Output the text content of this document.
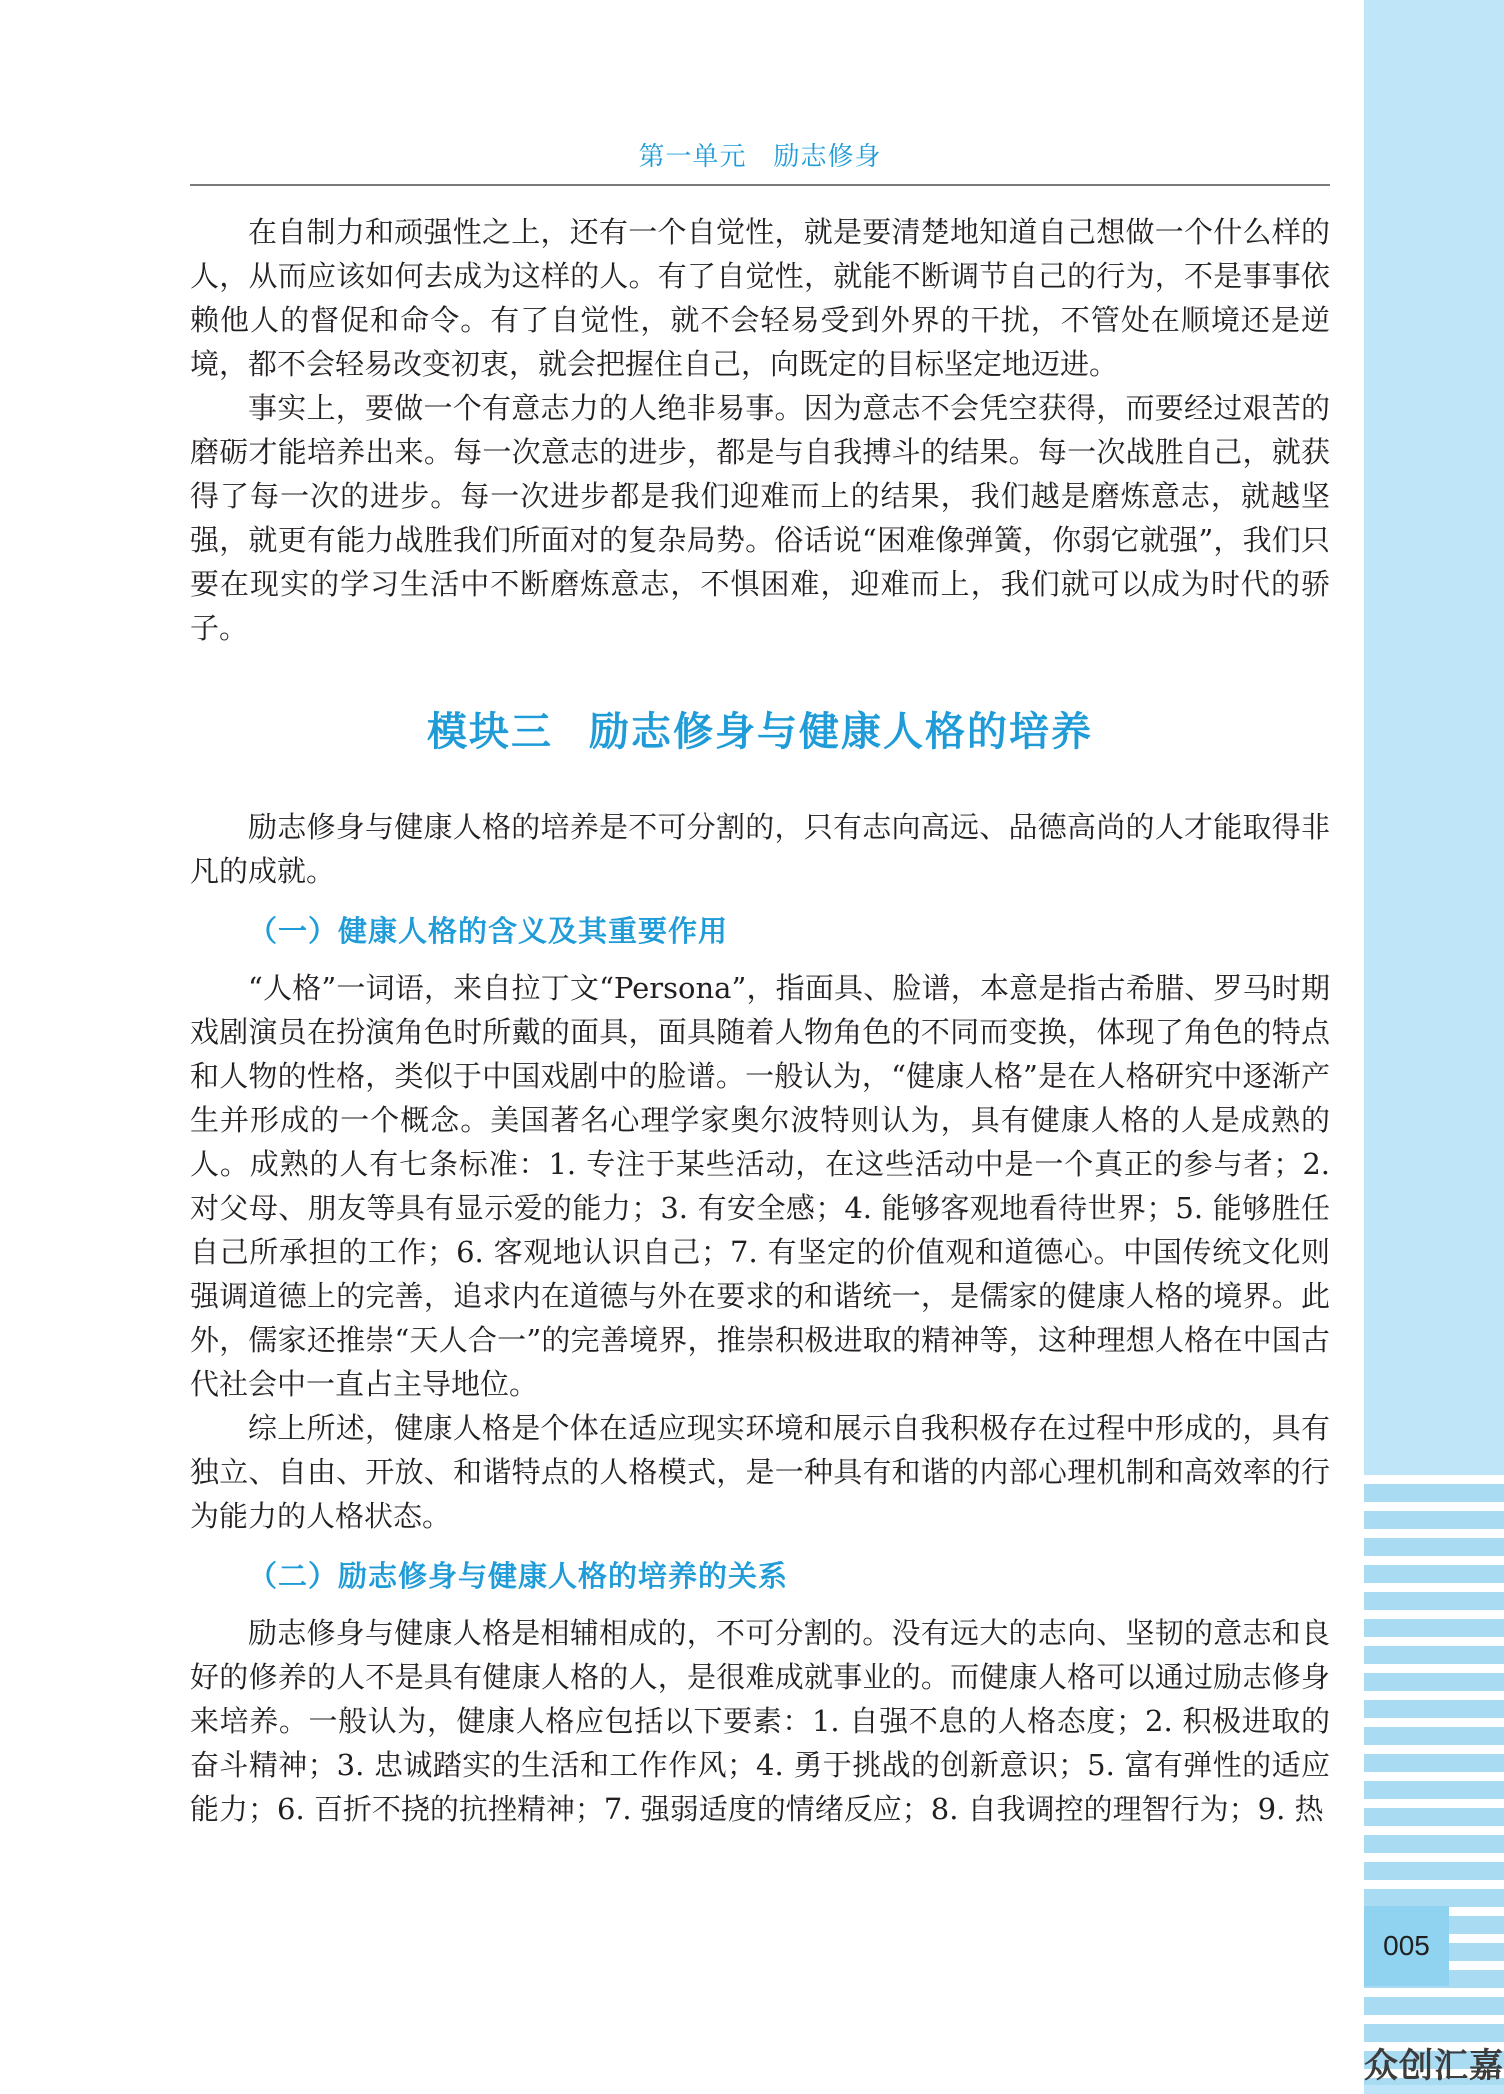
005
众创汇嘉
第一单元　励志修身

在自制力和顽强性之上，还有一个自觉性，就是要清楚地知道自己想做一个什么样的人，从而应该如何去成为这样的人。有了自觉性，就能不断调节自己的行为，不是事事依赖他人的督促和命令。有了自觉性，就不会轻易受到外界的干扰，不管处在顺境还是逆境，都不会轻易改变初衷，就会把握住自己，向既定的目标坚定地迈进。

事实上，要做一个有意志力的人绝非易事。因为意志不会凭空获得，而要经过艰苦的磨砺才能培养出来。每一次意志的进步，都是与自我搏斗的结果。每一次战胜自己，就获得了每一次的进步。每一次进步都是我们迎难而上的结果，我们越是磨炼意志，就越坚强，就更有能力战胜我们所面对的复杂局势。俗话说“困难像弹簧，你弱它就强”，我们只要在现实的学习生活中不断磨炼意志，不惧困难，迎难而上，我们就可以成为时代的骄子。

模块三 励志修身与健康人格的培养

励志修身与健康人格的培养是不可分割的，只有志向高远、品德高尚的人才能取得非凡的成就。

（一）健康人格的含义及其重要作用

“人格”一词语，来自拉丁文“Persona”，指面具、脸谱，本意是指古希腊、罗马时期戏剧演员在扮演角色时所戴的面具，面具随着人物角色的不同而变换，体现了角色的特点和人物的性格，类似于中国戏剧中的脸谱。一般认为，“健康人格”是在人格研究中逐渐产生并形成的一个概念。美国著名心理学家奥尔波特则认为，具有健康人格的人是成熟的人。成熟的人有七条标准：1. 专注于某些活动，在这些活动中是一个真正的参与者；2. 对父母、朋友等具有显示爱的能力；3. 有安全感；4. 能够客观地看待世界；5. 能够胜任自己所承担的工作；6. 客观地认识自己；7. 有坚定的价值观和道德心。中国传统文化则强调道德上的完善，追求内在道德与外在要求的和谐统一，是儒家的健康人格的境界。此外，儒家还推崇“天人合一”的完善境界，推崇积极进取的精神等，这种理想人格在中国古代社会中一直占主导地位。

综上所述，健康人格是个体在适应现实环境和展示自我积极存在过程中形成的，具有独立、自由、开放、和谐特点的人格模式，是一种具有和谐的内部心理机制和高效率的行为能力的人格状态。

（二）励志修身与健康人格的培养的关系

励志修身与健康人格是相辅相成的，不可分割的。没有远大的志向、坚韧的意志和良好的修养的人不是具有健康人格的人，是很难成就事业的。而健康人格可以通过励志修身来培养。一般认为，健康人格应包括以下要素：1. 自强不息的人格态度；2. 积极进取的奋斗精神；3. 忠诚踏实的生活和工作作风；4. 勇于挑战的创新意识；5. 富有弹性的适应能力；6. 百折不挠的抗挫精神；7. 强弱适度的情绪反应；8. 自我调控的理智行为；9. 热
